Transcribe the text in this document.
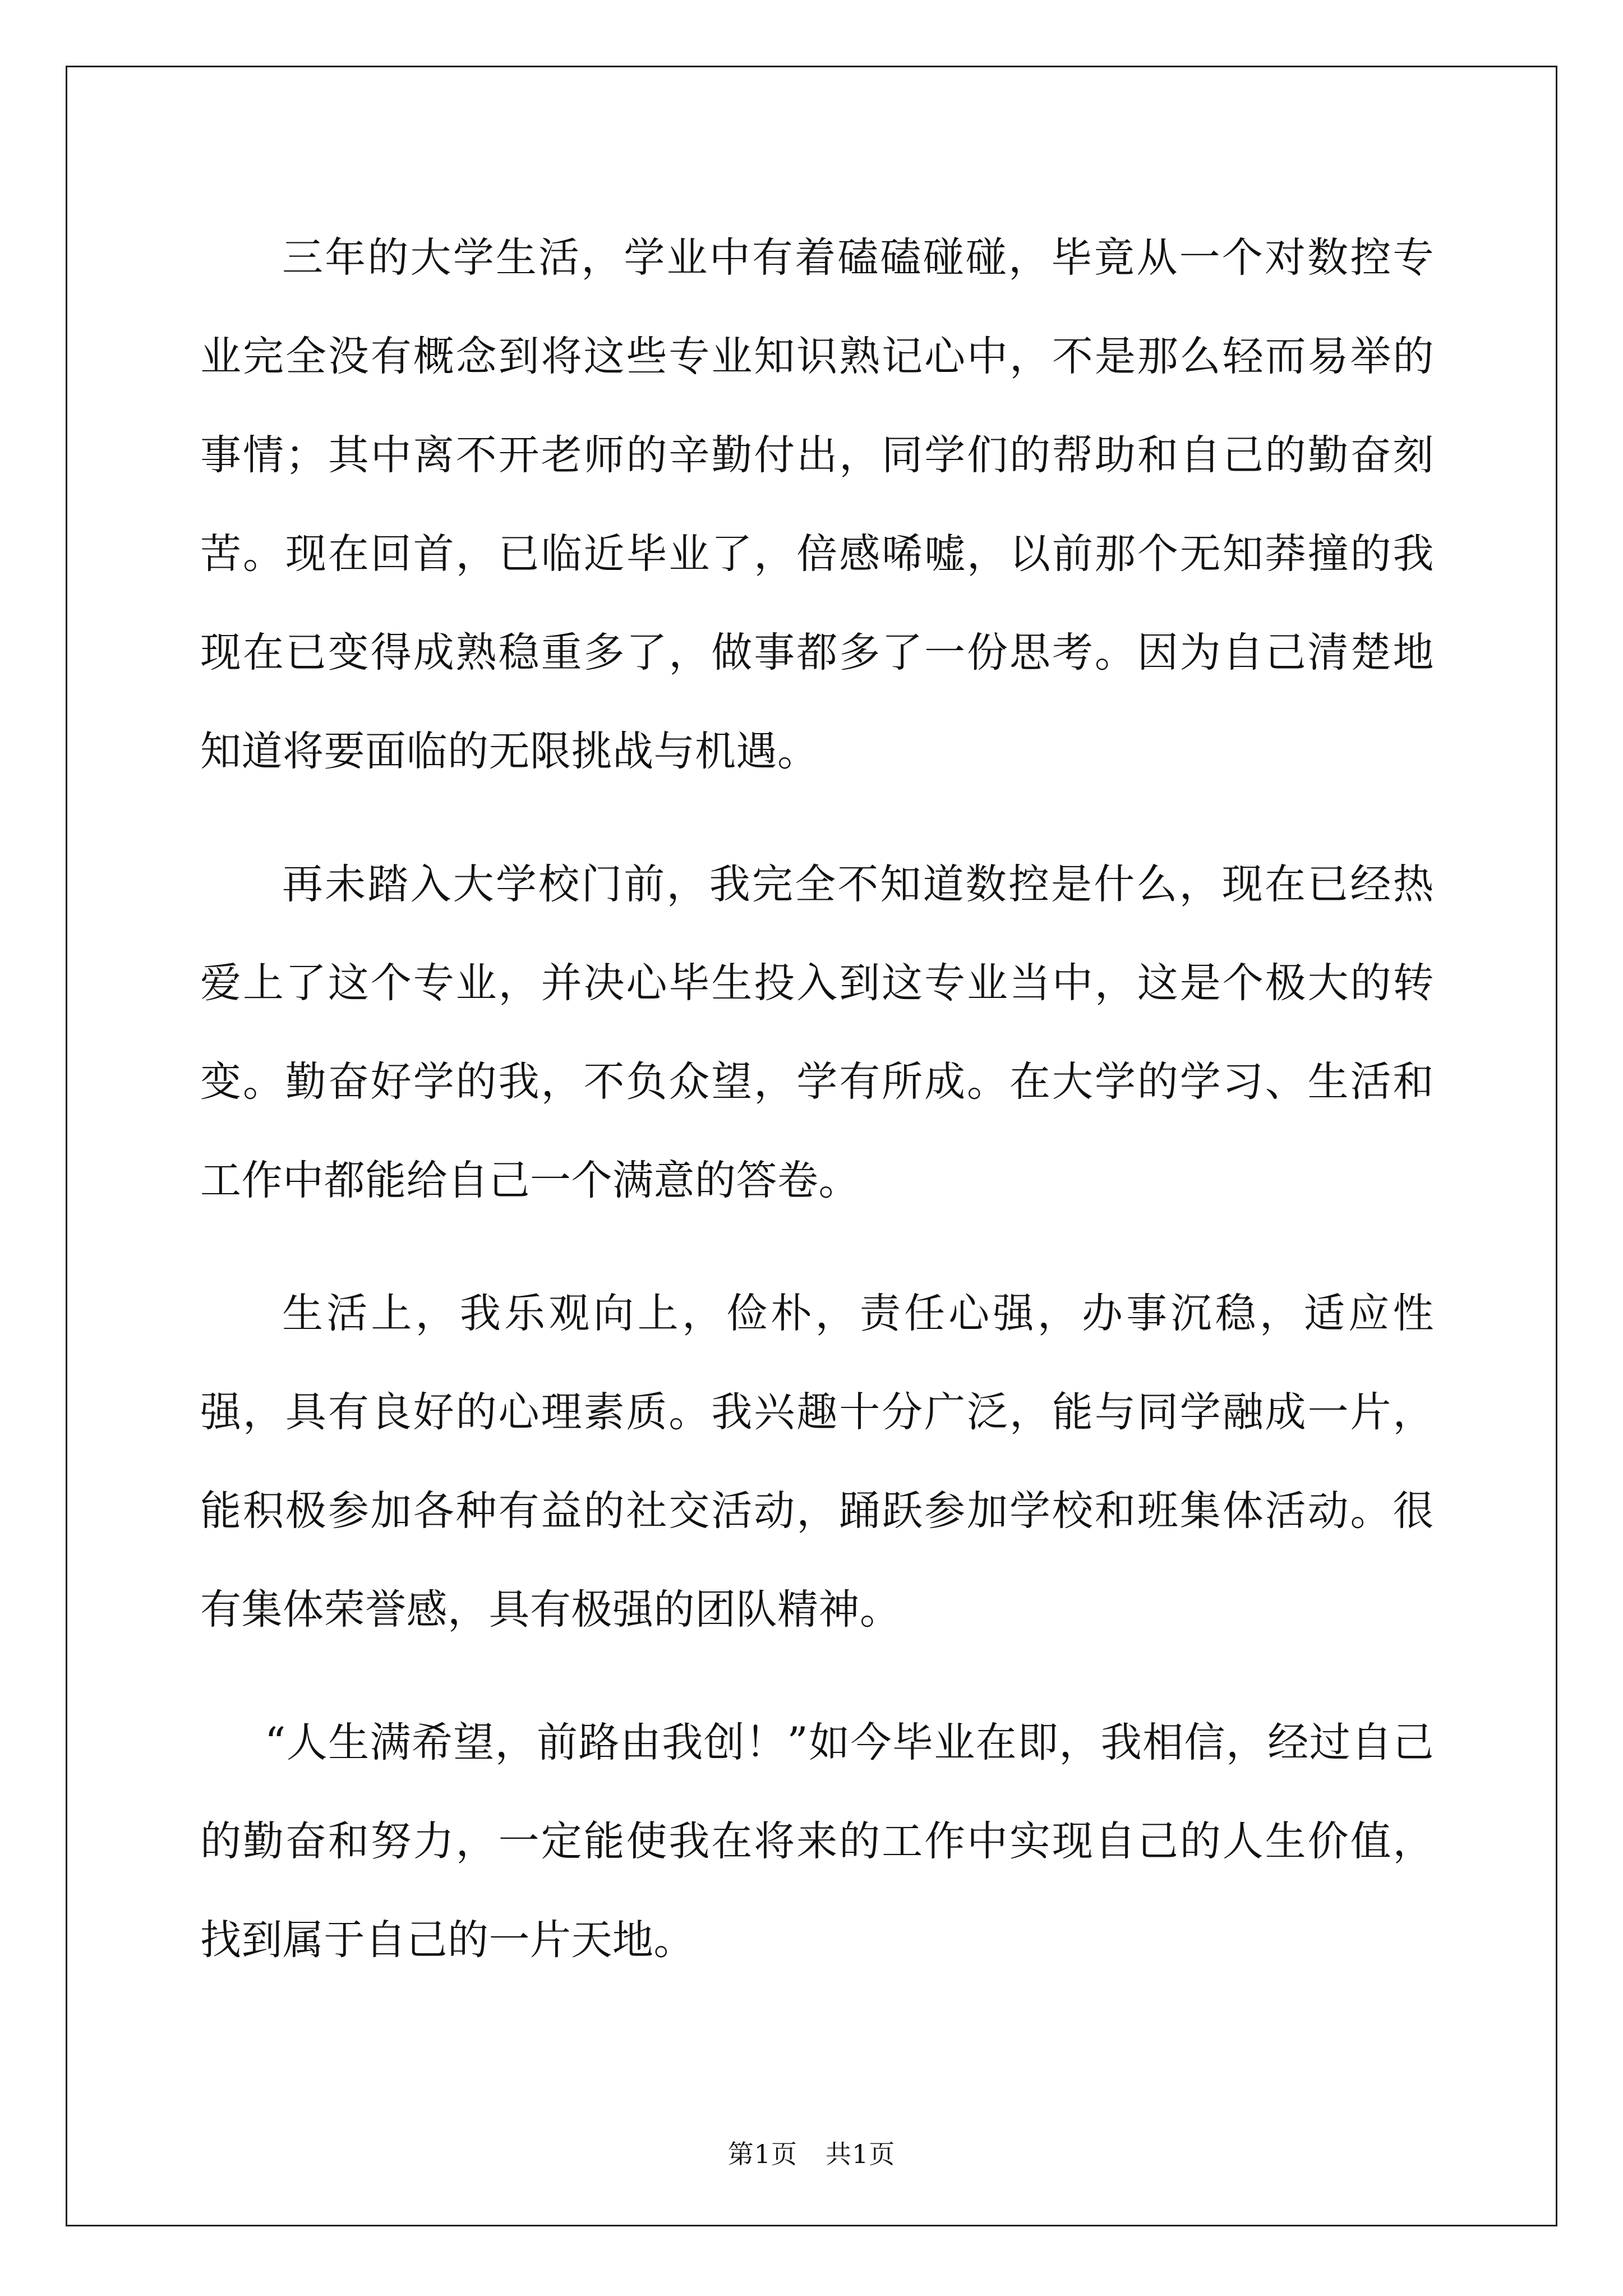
三年的大学生活，学业中有着磕磕碰碰，毕竟从一个对数控专业完全没有概念到将这些专业知识熟记心中，不是那么轻而易举的事情；其中离不开老师的辛勤付出，同学们的帮助和自己的勤奋刻苦。现在回首，已临近毕业了，倍感唏嘘，以前那个无知莽撞的我现在已变得成熟稳重多了，做事都多了一份思考。因为自己清楚地知道将要面临的无限挑战与机遇。

再未踏入大学校门前，我完全不知道数控是什么，现在已经热爱上了这个专业，并决心毕生投入到这专业当中，这是个极大的转变。勤奋好学的我，不负众望，学有所成。在大学的学习、生活和工作中都能给自己一个满意的答卷。

生活上，我乐观向上，俭朴，责任心强，办事沉稳，适应性强，具有良好的心理素质。我兴趣十分广泛，能与同学融成一片，能积极参加各种有益的社交活动，踊跃参加学校和班集体活动。很有集体荣誉感，具有极强的团队精神。

“人生满希望，前路由我创！”如今毕业在即，我相信，经过自己的勤奋和努力，一定能使我在将来的工作中实现自己的人生价值，找到属于自己的一片天地。

第1页 共1页
